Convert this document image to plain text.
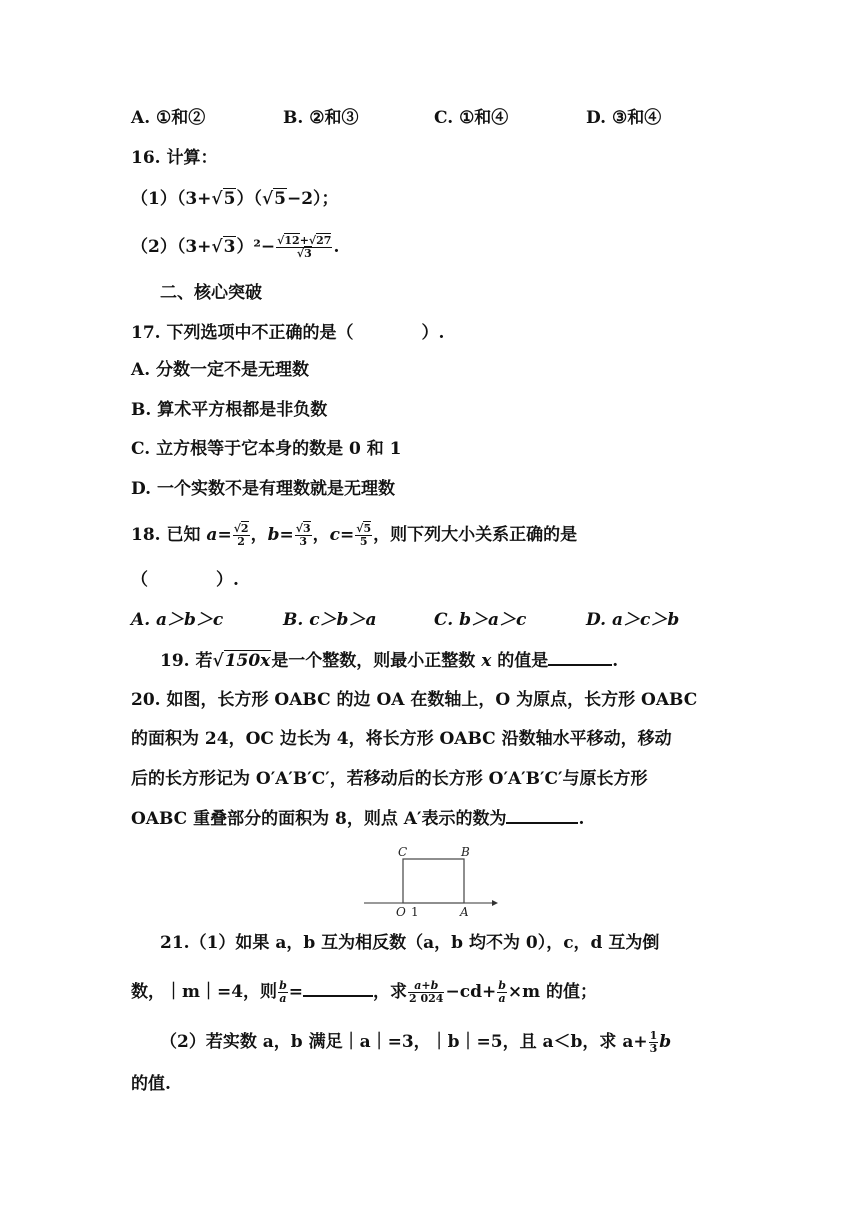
A. ①和②	B. ②和③	C. ①和④	D. ③和④
16. 计算：
（1）（3+√5）（√5−2）；
$(2)(3+√3)^2- \frac{√12+√27}{√3}$ .
二、核心突破
17. 下列选项中不正确的是（　　　　）.
A. 分数一定不是无理数
B. 算术平方根都是非负数
C. 立方根等于它本身的数是 0 和 1
D. 一个实数不是有理数就是无理数
18. 已知 $a= \frac{√2}{2}$ ，$b= \frac{√3}{3}$ ，$c= \frac{√5}{5}$ ，则下列大小关系正确的是
（　　　　）.
A. a＞b＞c	B. c＞b＞a	C. b＞a＞c	D. a＞c＞b
19. 若√150x是一个整数，则最小正整数 x 的值是	.
20. 如图，长方形 OABC 的边 OA 在数轴上，O 为原点，长方形 OABC
的面积为 24，OC 边长为 4，将长方形 OABC 沿数轴水平移动，移动
后的长方形记为 O′A′B′C′，若移动后的长方形 O′A′B′C′与原长方形
OABC 重叠部分的面积为 8，则点 A′表示的数为	.
C	B
O 1	A
21.（1）如果 a，b 互为相反数（a，b 均不为 0），c，d 互为倒
数，｜m｜=4，则 $\frac{b}{a}$ =	，求 $\frac{a+b}{2 024} -cd+ \frac{b}{a} \times m$ 的值；
（2）若实数 a，b 满足｜a｜=3，｜b｜=5，且 a＜b，求 $a+ \frac{1}{3}$ b
的值.
